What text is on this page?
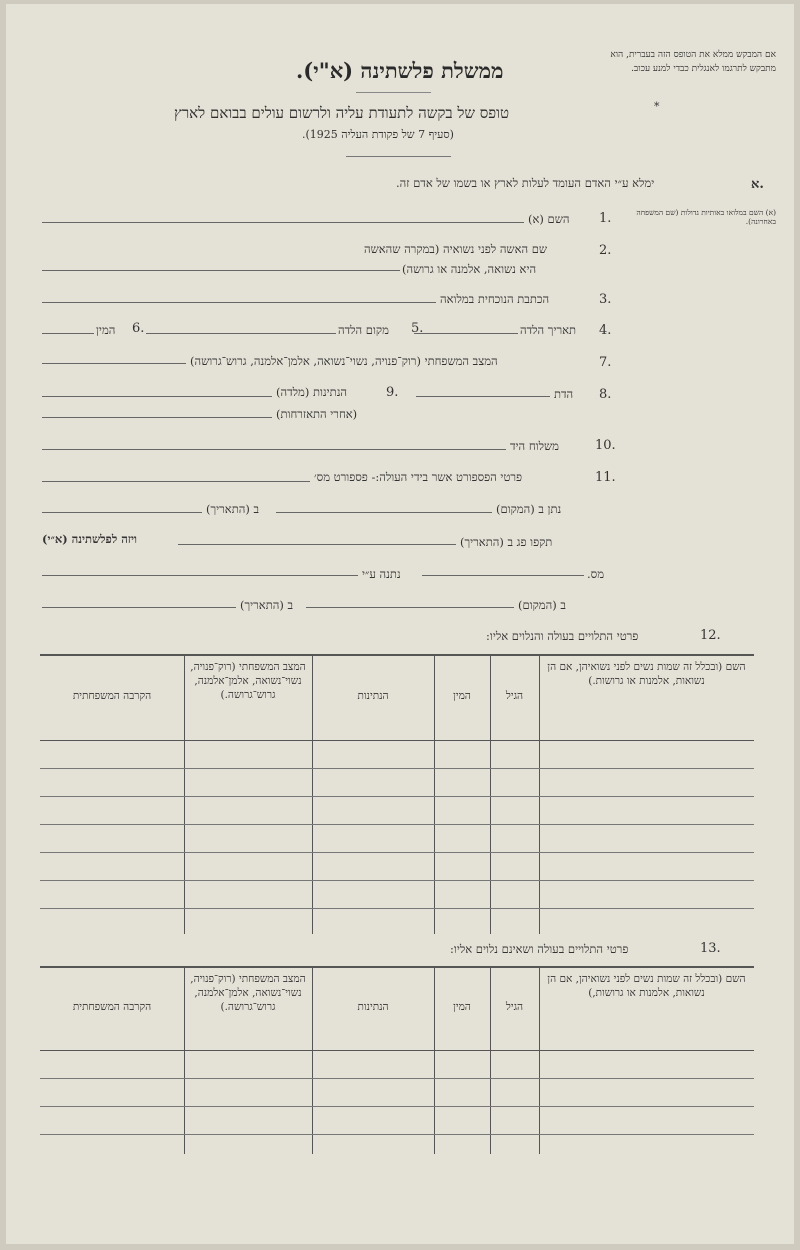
ממשלת פלשתינה (א"י).
טופס של בקשה לתעודת עליה ולרשום עולים בבואם לארץ
(סעיף 7 של פקודת העליה 1925).
אם המבקש ממלא את הטופס הזה בעברית, הוא מתבקש לתרגמו לאנגלית כבדי למנע עכוב.
*
ימלא ע״י האדם העומד לעלות לארץ או בשמו של אדם זה.	א.
(א) השם במלואו באותיות גדולות (שם המשפחה באחרונה).
1.
השם (א)
2.
שם האשה לפני נשואיה (במקרה שהאשה
היא נשואה, אלמנה או גרושה)
3.
הכתבת הנוכחית במלואה
4.
תאריך הלדה
5.
מקום הלדה
6.
המין
7.
המצב המשפחתי (רוק־פנויה, נשוי־נשואה, אלמן־אלמנה, גרוש־גרושה)
8.
הדת
9.
הנתינות (מלדה)
(אחרי התאזרחות)
10.
משלוח היד
11.
פרטי הפספורט אשר בידי העולה:- פספורט מס׳
נתן ב (המקום)
ב (התאריך)
תקפו פג ב (התאריך)
ויזה לפלשתינה (א״י)
מס.
נתנה ע״י
ב (המקום)
ב (התאריך)
12.
פרטי התלויים בעולה והנלוים אליו:
השם (ובכלל זה שמות נשים לפני נשואיהן, אם הן נשואות, אלמנות או גרושות.)
הגיל
המין
הנתינות
המצב המשפחתי (רוק־פנויה, נשוי־נשואה, אלמן־אלמנה, גרוש־גרושה.)
הקרבה המשפחתית
13.
פרטי התלויים בעולה ושאינם נלוים אליו:
השם (ובכלל זה שמות נשים לפני נשואיהן, אם הן נשואות, אלמנות או גרושות,)
הגיל
המין
הנתינות
המצב המשפחתי (רוק־פנויה, נשוי־נשואה, אלמן־אלמנה, גרוש־גרושה.)
הקרבה המשפחתית
